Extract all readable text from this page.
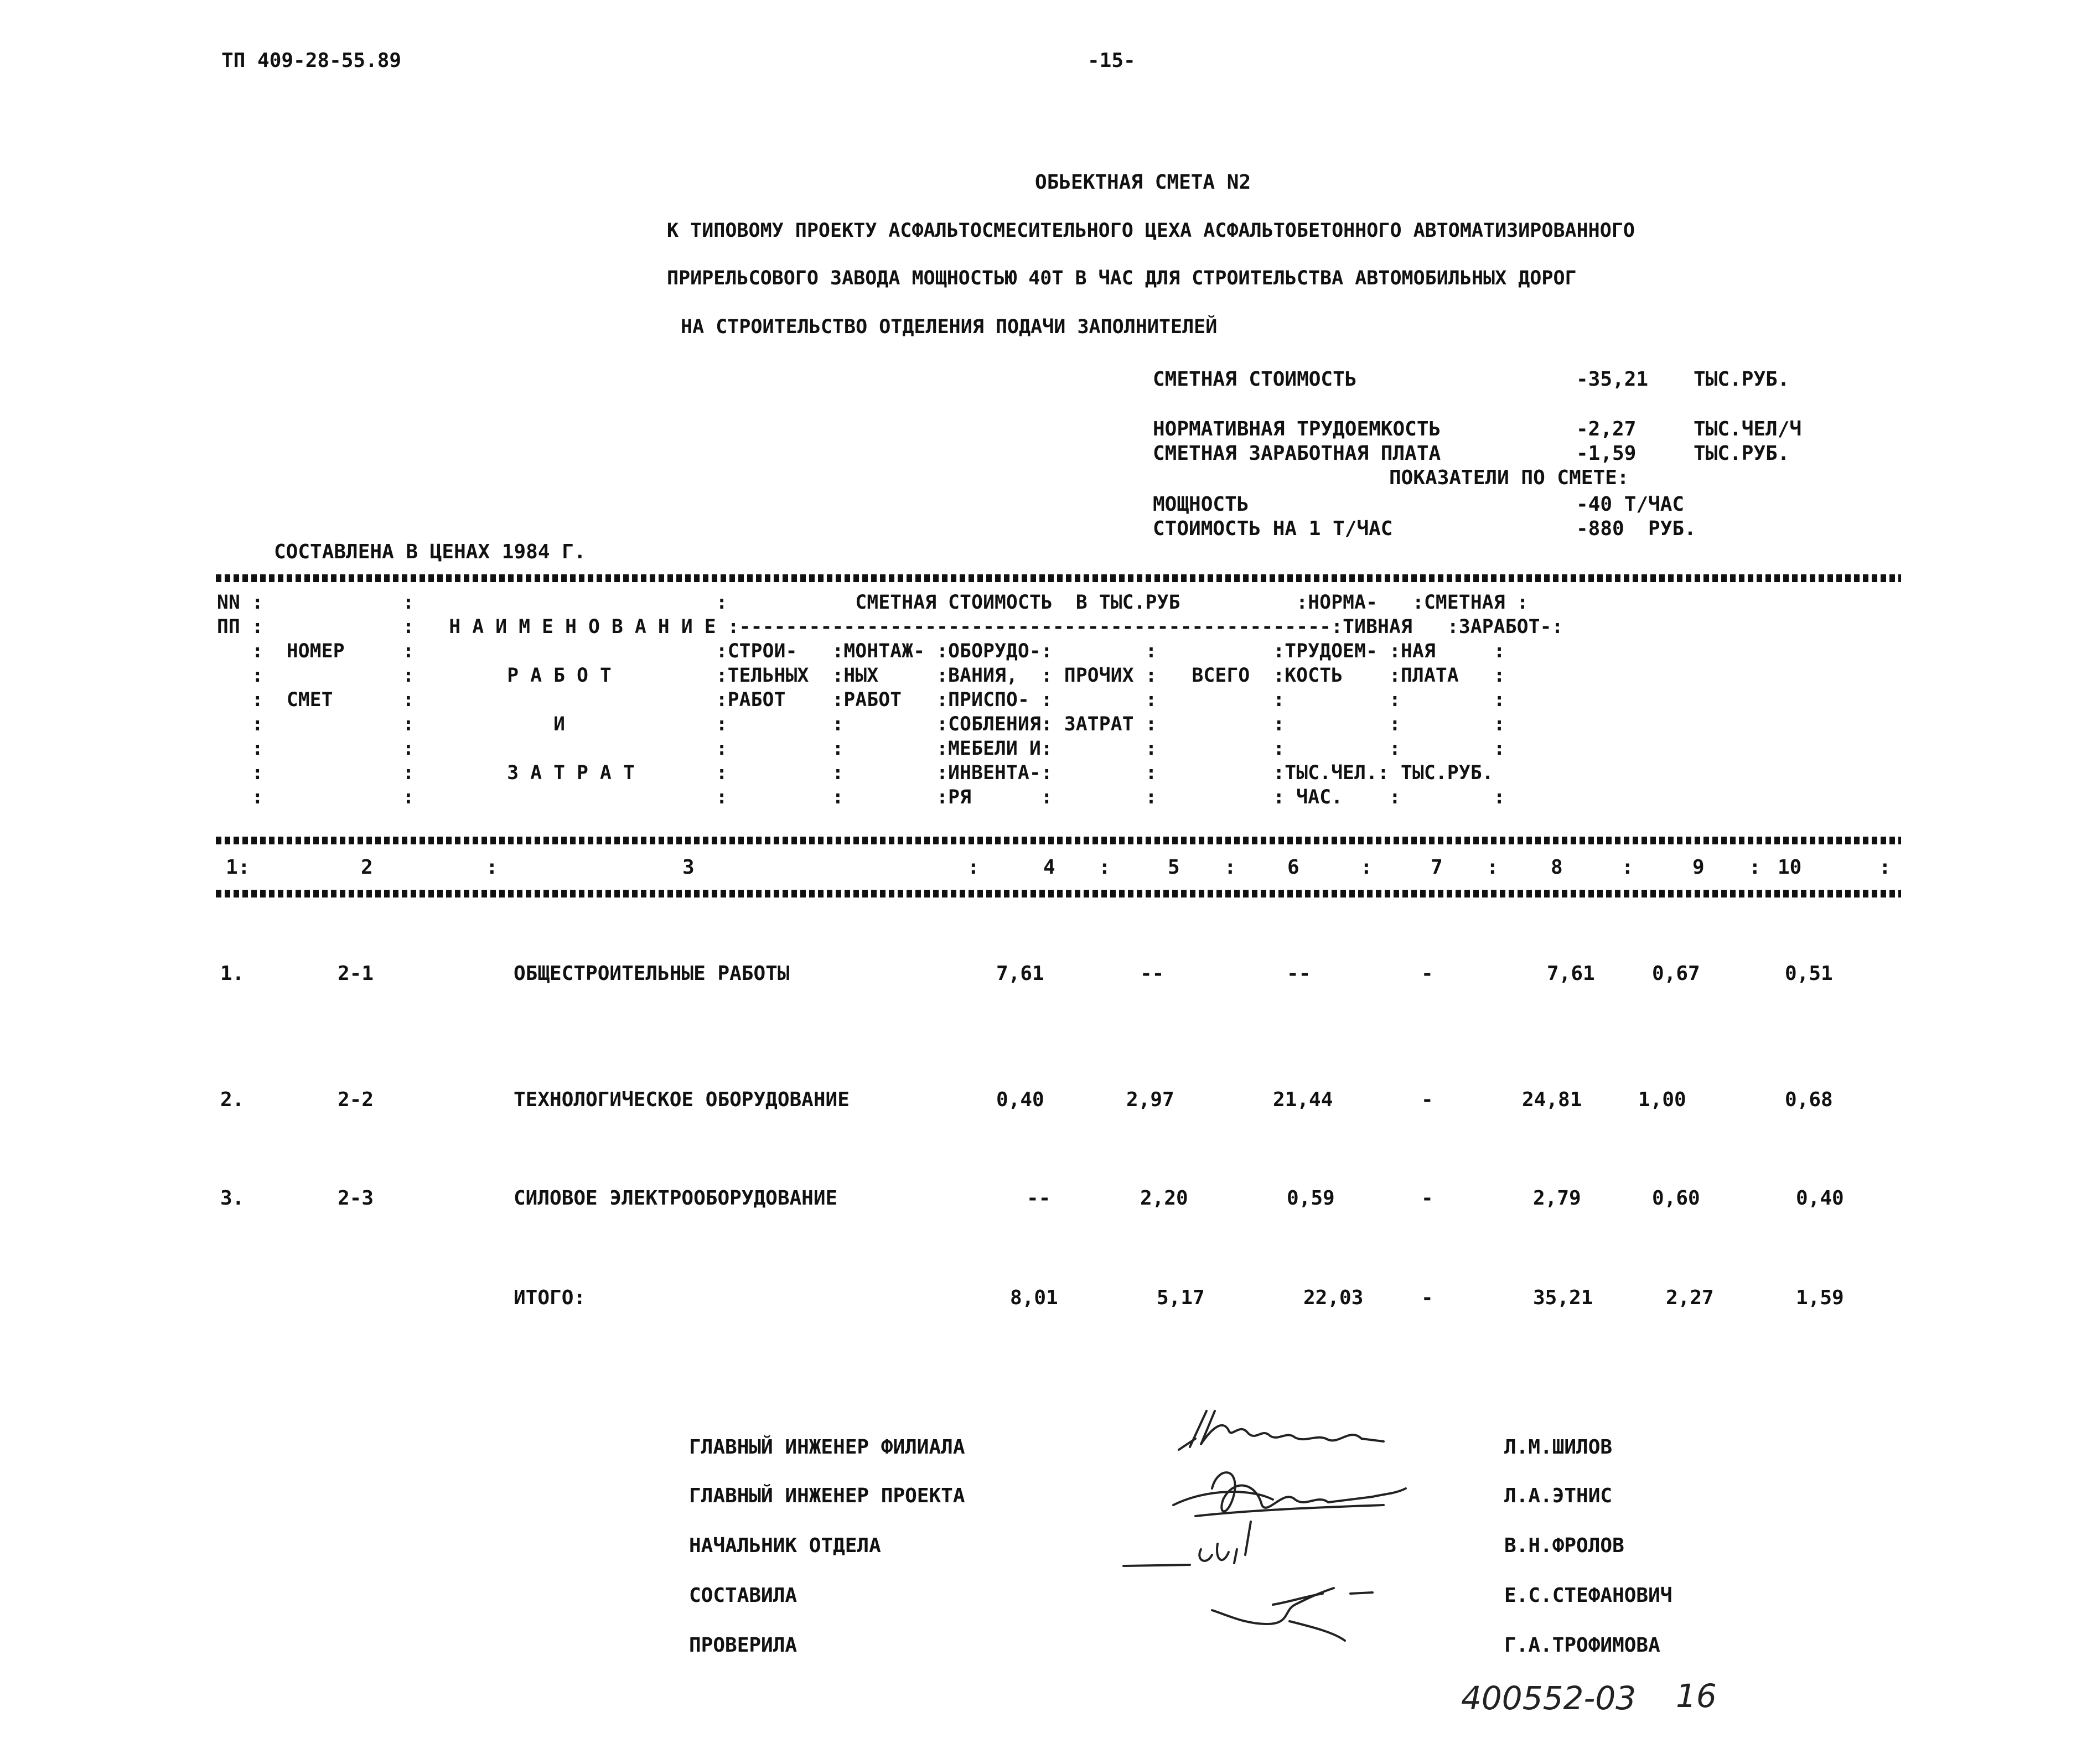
ТП 409-28-55.89	-15-
ОБЬЕКТНАЯ СМЕТА N2
К ТИПОВОМУ ПРОЕКТУ АСФАЛЬТОСМЕСИТЕЛЬНОГО ЦЕХА АСФАЛЬТОБЕТОННОГО АВТОМАТИЗИРОВАННОГО
ПРИРЕЛЬСОВОГО ЗАВОДА МОЩНОСТЬЮ 40Т В ЧАС ДЛЯ СТРОИТЕЛЬСТВА АВТОМОБИЛЬНЫХ ДОРОГ
НА СТРОИТЕЛЬСТВО ОТДЕЛЕНИЯ ПОДАЧИ ЗАПОЛНИТЕЛЕЙ
СМЕТНАЯ СТОИМОСТЬ	-35,21 ТЫС.РУБ.
НОРМАТИВНАЯ ТРУДОЕМКОСТЬ	-2,27	ТЫС.ЧЕЛ/Ч
СМЕТНАЯ ЗАРАБОТНАЯ ПЛАТА	-1,59	ТЫС.РУБ.
ПОКАЗАТЕЛИ ПО СМЕТЕ:
МОЩНОСТЬ	-40 Т/ЧАС
СТОИМОСТЬ НА 1 Т/ЧАС	-880  РУБ.
СОСТАВЛЕНА В ЦЕНАХ 1984 Г.
NN :            :                          :           СМЕТНАЯ СТОИМОСТЬ  В ТЫС.РУБ          :НОРМА-   :СМЕТНАЯ :
ПП :            :   Н А И М Е Н О В А Н И Е :---------------------------------------------------:ТИВНАЯ   :ЗАРАБОТ-:
:  НОМЕР     :                          :СТРОИ-   :МОНТАЖ- :ОБОРУДО-:        :          :ТРУДОЕМ- :НАЯ     :
:            :        Р А Б О Т         :ТЕЛЬНЫХ  :НЫХ     :ВАНИЯ,  : ПРОЧИХ :   ВСЕГО  :КОСТЬ    :ПЛАТА   :
:  СМЕТ      :                          :РАБОТ    :РАБОТ   :ПРИСПО- :        :          :         :        :
:            :            И             :         :        :СОБЛЕНИЯ: ЗАТРАТ :          :         :        :
:            :                          :         :        :МЕБЕЛИ И:        :          :         :        :
:            :        З А Т Р А Т       :         :        :ИНВЕНТА-:        :          :ТЫС.ЧЕЛ.: ТЫС.РУБ.
:            :                          :         :        :РЯ      :        :          : ЧАС.    :        :
1	2	3	4	5	6	7	8	9	10
:	:	:	:	:	:	:	:	:	:
1.	2-1	ОБЩЕСТРОИТЕЛЬНЫЕ РАБОТЫ	7,61	--	--	-	7,61	0,67	0,51
2.	2-2	ТЕХНОЛОГИЧЕСКОЕ ОБОРУДОВАНИЕ	0,40	2,97	21,44	-	24,81	1,00	0,68
3.	2-3	СИЛОВОЕ ЭЛЕКТРООБОРУДОВАНИЕ	--	2,20	0,59	-	2,79	0,60	0,40
ИТОГО:	8,01	5,17	22,03	-	35,21	2,27	1,59
ГЛАВНЫЙ ИНЖЕНЕР ФИЛИАЛА	Л.М.ШИЛОВ
ГЛАВНЫЙ ИНЖЕНЕР ПРОЕКТА	Л.А.ЭТНИС
НАЧАЛЬНИК ОТДЕЛА	В.Н.ФРОЛОВ
СОСТАВИЛА	Е.С.СТЕФАНОВИЧ
ПРОВЕРИЛА	Г.А.ТРОФИМОВА
400552-03 16
